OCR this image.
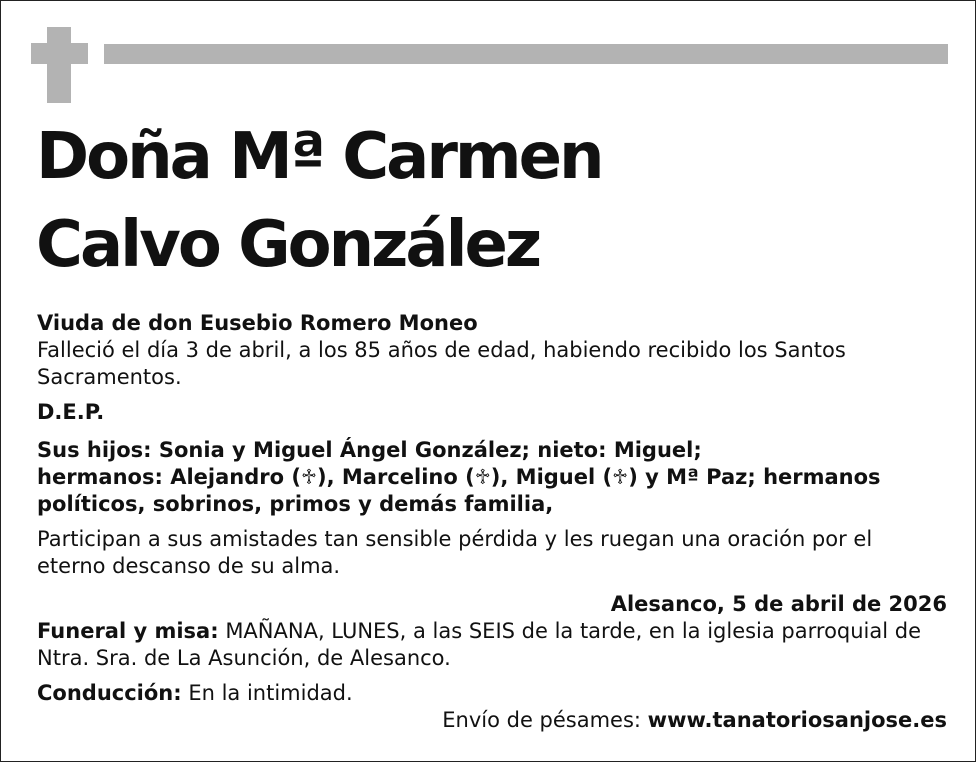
Doña Mª Carmen
Calvo González

Viuda de don Eusebio Romero Moneo

Falleció el día 3 de abril, a los 85 años de edad, habiendo recibido los Santos Sacramentos.

D.E.P.

Sus hijos: Sonia y Miguel Ángel González; nieto: Miguel;
hermanos: Alejandro (♱), Marcelino (♱), Miguel (♱) y Mª Paz; hermanos políticos, sobrinos, primos y demás familia,

Participan a sus amistades tan sensible pérdida y les ruegan una oración por el eterno descanso de su alma.

Alesanco, 5 de abril de 2026

Funeral y misa: MAÑANA, LUNES, a las SEIS de la tarde, en la iglesia parroquial de Ntra. Sra. de La Asunción, de Alesanco.

Conducción: En la intimidad.

Envío de pésames: www.tanatoriosanjose.es
